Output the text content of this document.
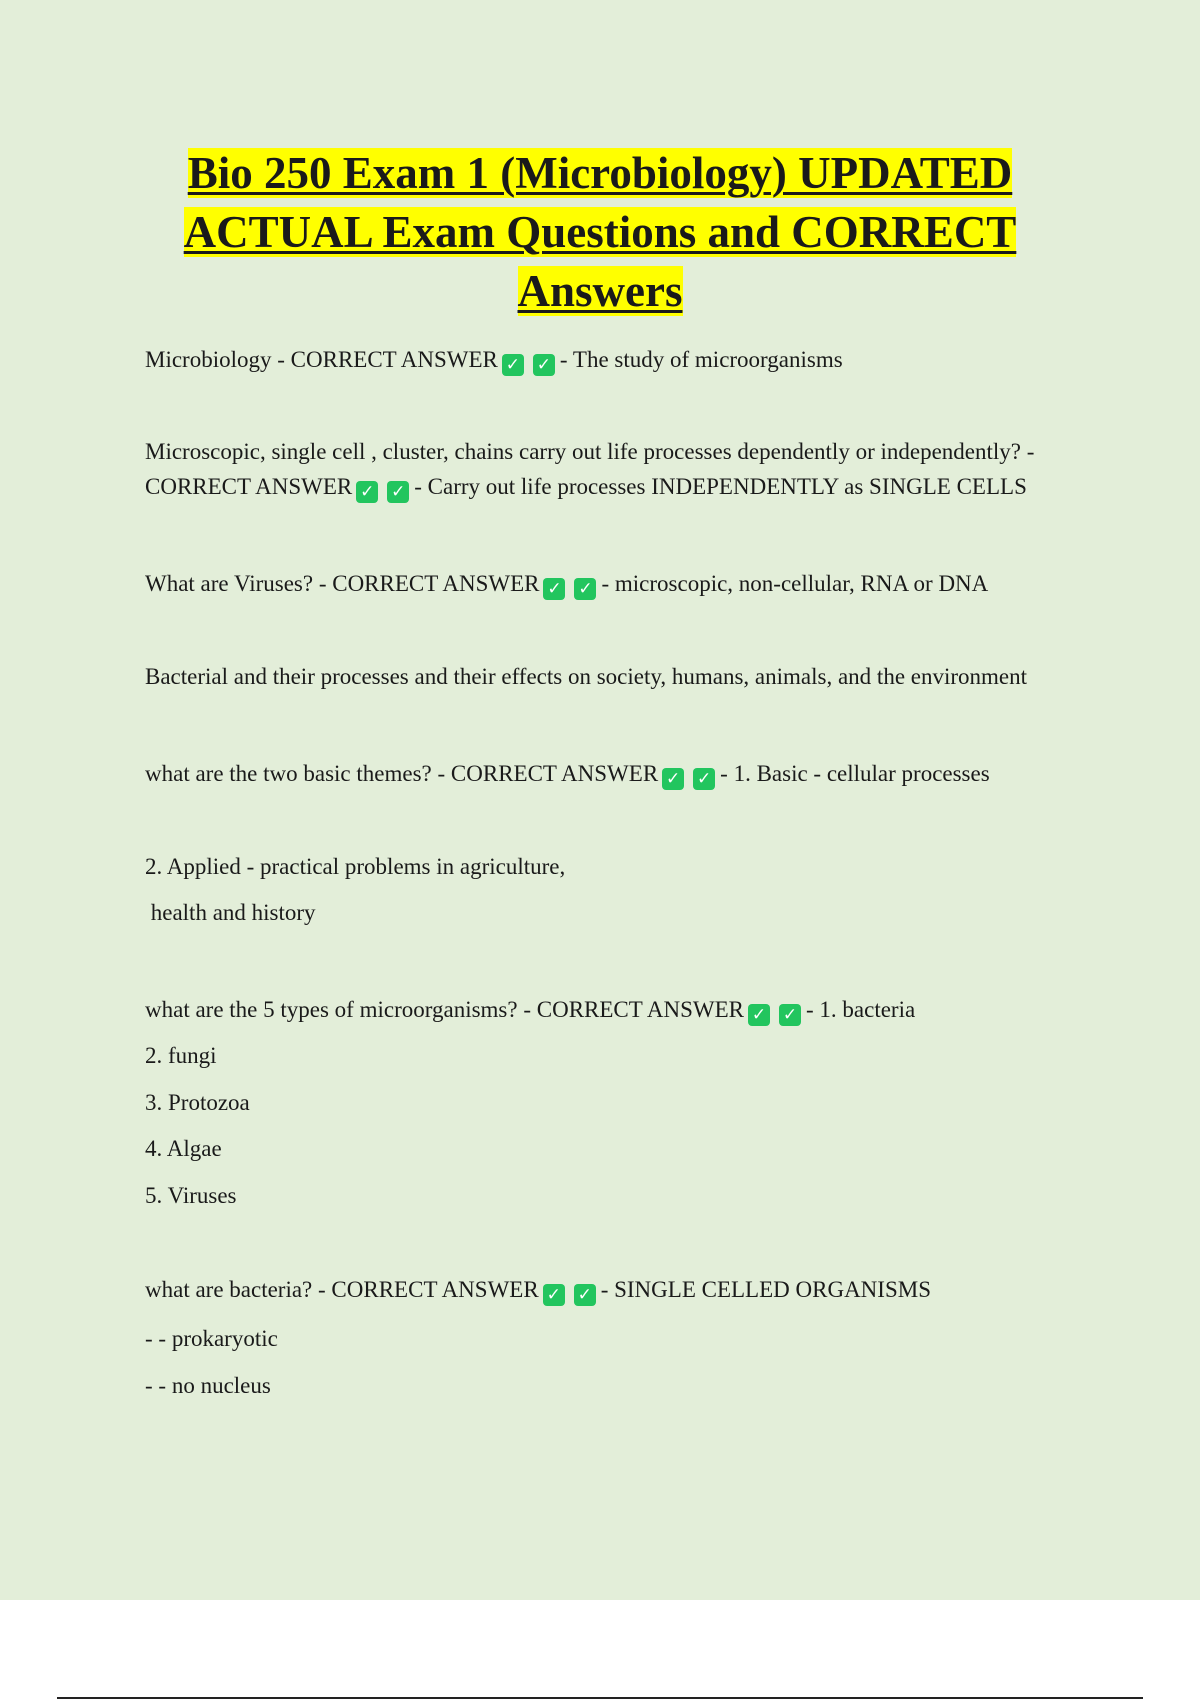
Bio 250 Exam 1 (Microbiology) UPDATED ACTUAL Exam Questions and CORRECT Answers

Microbiology - CORRECT ANSWER ✓ ✓ - The study of microorganisms

Microscopic, single cell , cluster, chains carry out life processes dependently or independently? -

CORRECT ANSWER ✓ ✓ - Carry out life processes INDEPENDENTLY as SINGLE CELLS

What are Viruses? - CORRECT ANSWER ✓ ✓ - microscopic, non-cellular, RNA or DNA

Bacterial and their processes and their effects on society, humans, animals, and the environment

what are the two basic themes? - CORRECT ANSWER ✓ ✓ - 1. Basic - cellular processes

2. Applied - practical problems in agriculture,

health and history

what are the 5 types of microorganisms? - CORRECT ANSWER ✓ ✓ - 1. bacteria

2. fungi

3. Protozoa

4. Algae

5. Viruses

what are bacteria? - CORRECT ANSWER ✓ ✓ - SINGLE CELLED ORGANISMS

- - prokaryotic

- - no nucleus
